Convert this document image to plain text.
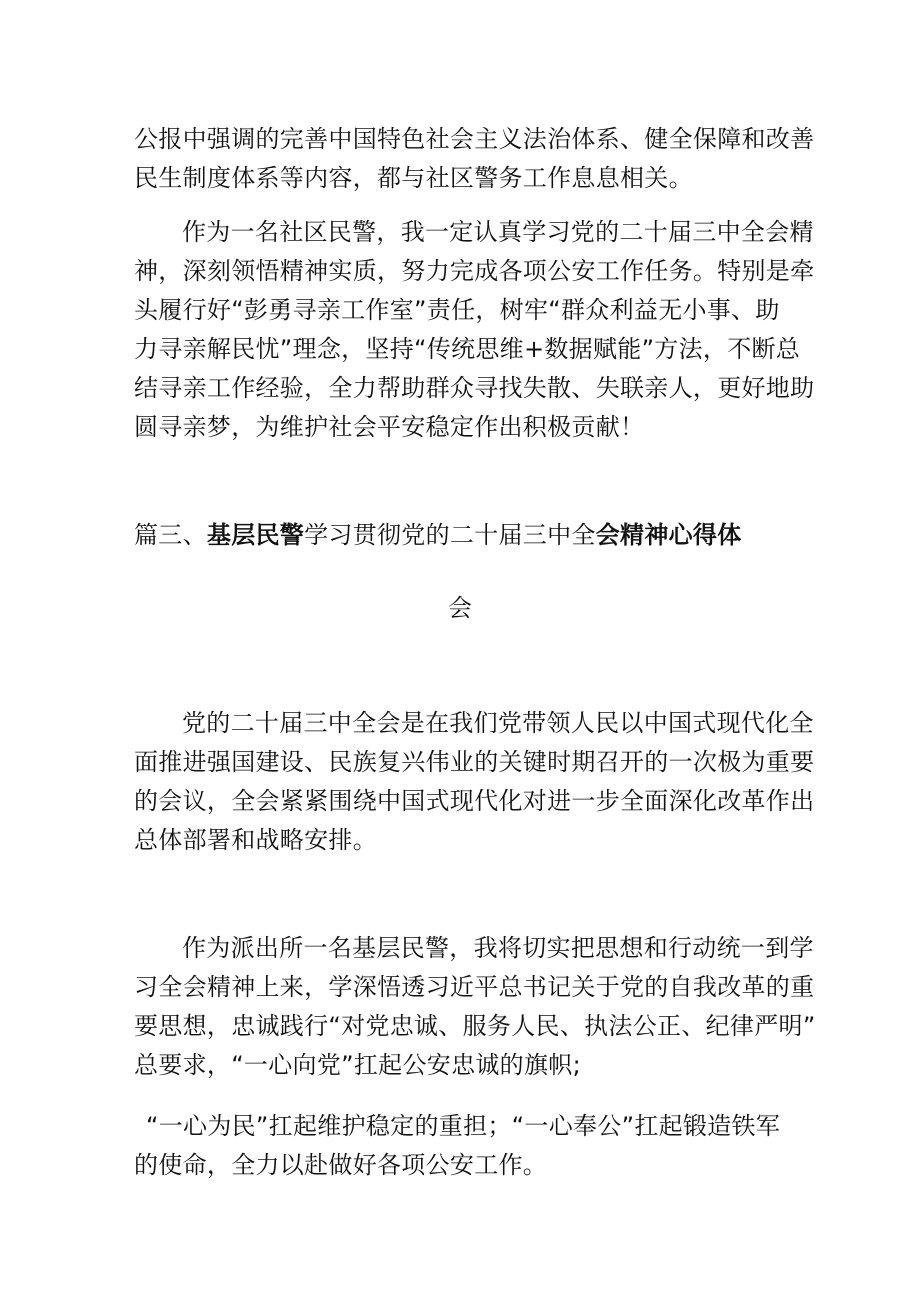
公报中强调的完善中国特色社会主义法治体系、健全保障和改善
民生制度体系等内容，都与社区警务工作息息相关。
作为一名社区民警，我一定认真学习党的二十届三中全会精
神，深刻领悟精神实质，努力完成各项公安工作任务。特别是牵
头履行好“彭勇寻亲工作室”责任，树牢“群众利益无小事、助
力寻亲解民忧”理念，坚持“传统思维+数据赋能”方法，不断总
结寻亲工作经验，全力帮助群众寻找失散、失联亲人，更好地助
圆寻亲梦，为维护社会平安稳定作出积极贡献！
篇三、基层民警学习贯彻党的二十届三中全会精神心得体
会
党的二十届三中全会是在我们党带领人民以中国式现代化全
面推进强国建设、民族复兴伟业的关键时期召开的一次极为重要
的会议，全会紧紧围绕中国式现代化对进一步全面深化改革作出
总体部署和战略安排。
作为派出所一名基层民警，我将切实把思想和行动统一到学
习全会精神上来，学深悟透习近平总书记关于党的自我改革的重
要思想，忠诚践行“对党忠诚、服务人民、执法公正、纪律严明”
总要求，“一心向党”扛起公安忠诚的旗帜;
“一心为民”扛起维护稳定的重担；“一心奉公”扛起锻造铁军
的使命，全力以赴做好各项公安工作。
